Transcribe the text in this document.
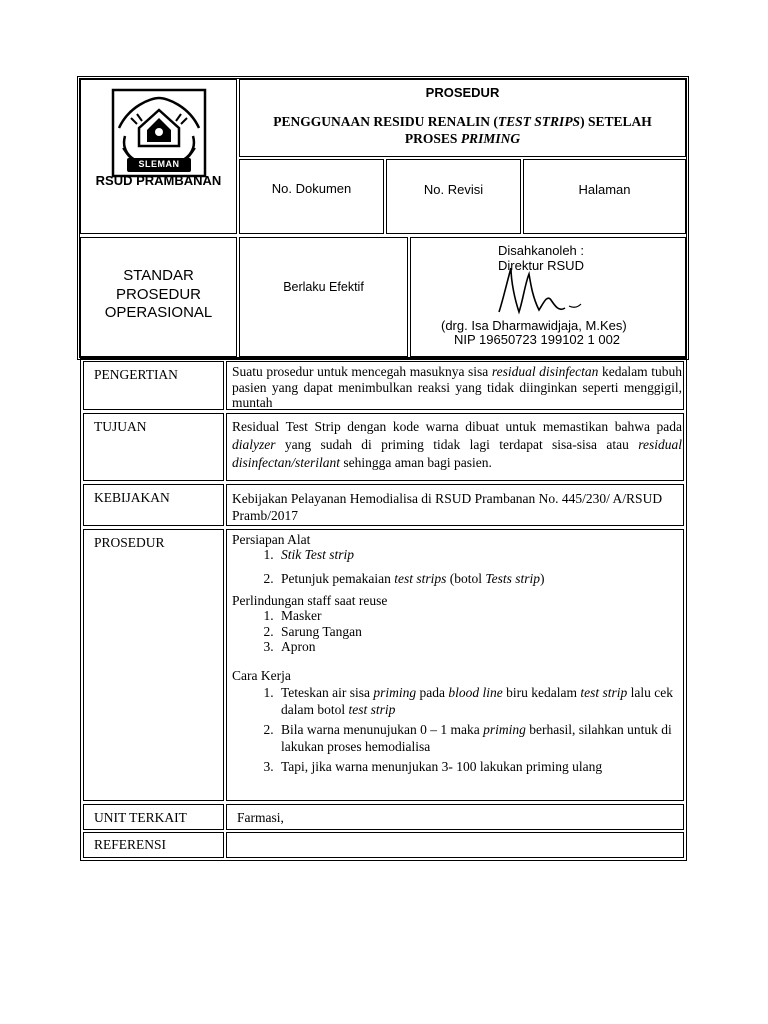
SLEMAN
RSUD PRAMBANAN
PROSEDUR
PENGGUNAAN RESIDU RENALIN (TEST STRIPS) SETELAH
PROSES PRIMING
No. Dokumen	No. Revisi	Halaman
STANDAR
PROSEDUR
OPERASIONAL
Berlaku Efektif
Disahkanoleh :
Direktur RSUD
(drg. Isa Dharmawidjaja, M.Kes)
NIP 19650723 199102 1 002
PENGERTIAN	Suatu prosedur untuk mencegah masuknya sisa residual disinfectan kedalam tubuh pasien yang dapat menimbulkan reaksi yang tidak diinginkan seperti menggigil, muntah
TUJUAN	Residual Test Strip dengan kode warna dibuat untuk memastikan bahwa pada dialyzer yang sudah di priming tidak lagi terdapat sisa-sisa atau residual disinfectan/sterilant sehingga aman bagi pasien.
KEBIJAKAN	Kebijakan Pelayanan Hemodialisa di RSUD Prambanan No. 445/230/ A/RSUD Pramb/2017
PROSEDUR	Persiapan Alat
1. Stik Test strip
2. Petunjuk pemakaian test strips (botol Tests strip)
Perlindungan staff saat reuse
1. Masker
2. Sarung Tangan
3. Apron
Cara Kerja
1. Teteskan air sisa priming pada blood line biru kedalam test strip lalu cek dalam botol test strip
2. Bila warna menunujukan 0 – 1 maka priming berhasil, silahkan untuk di lakukan proses hemodialisa
3. Tapi, jika warna menunjukan 3- 100 lakukan priming ulang
UNIT TERKAIT	Farmasi,
REFERENSI
